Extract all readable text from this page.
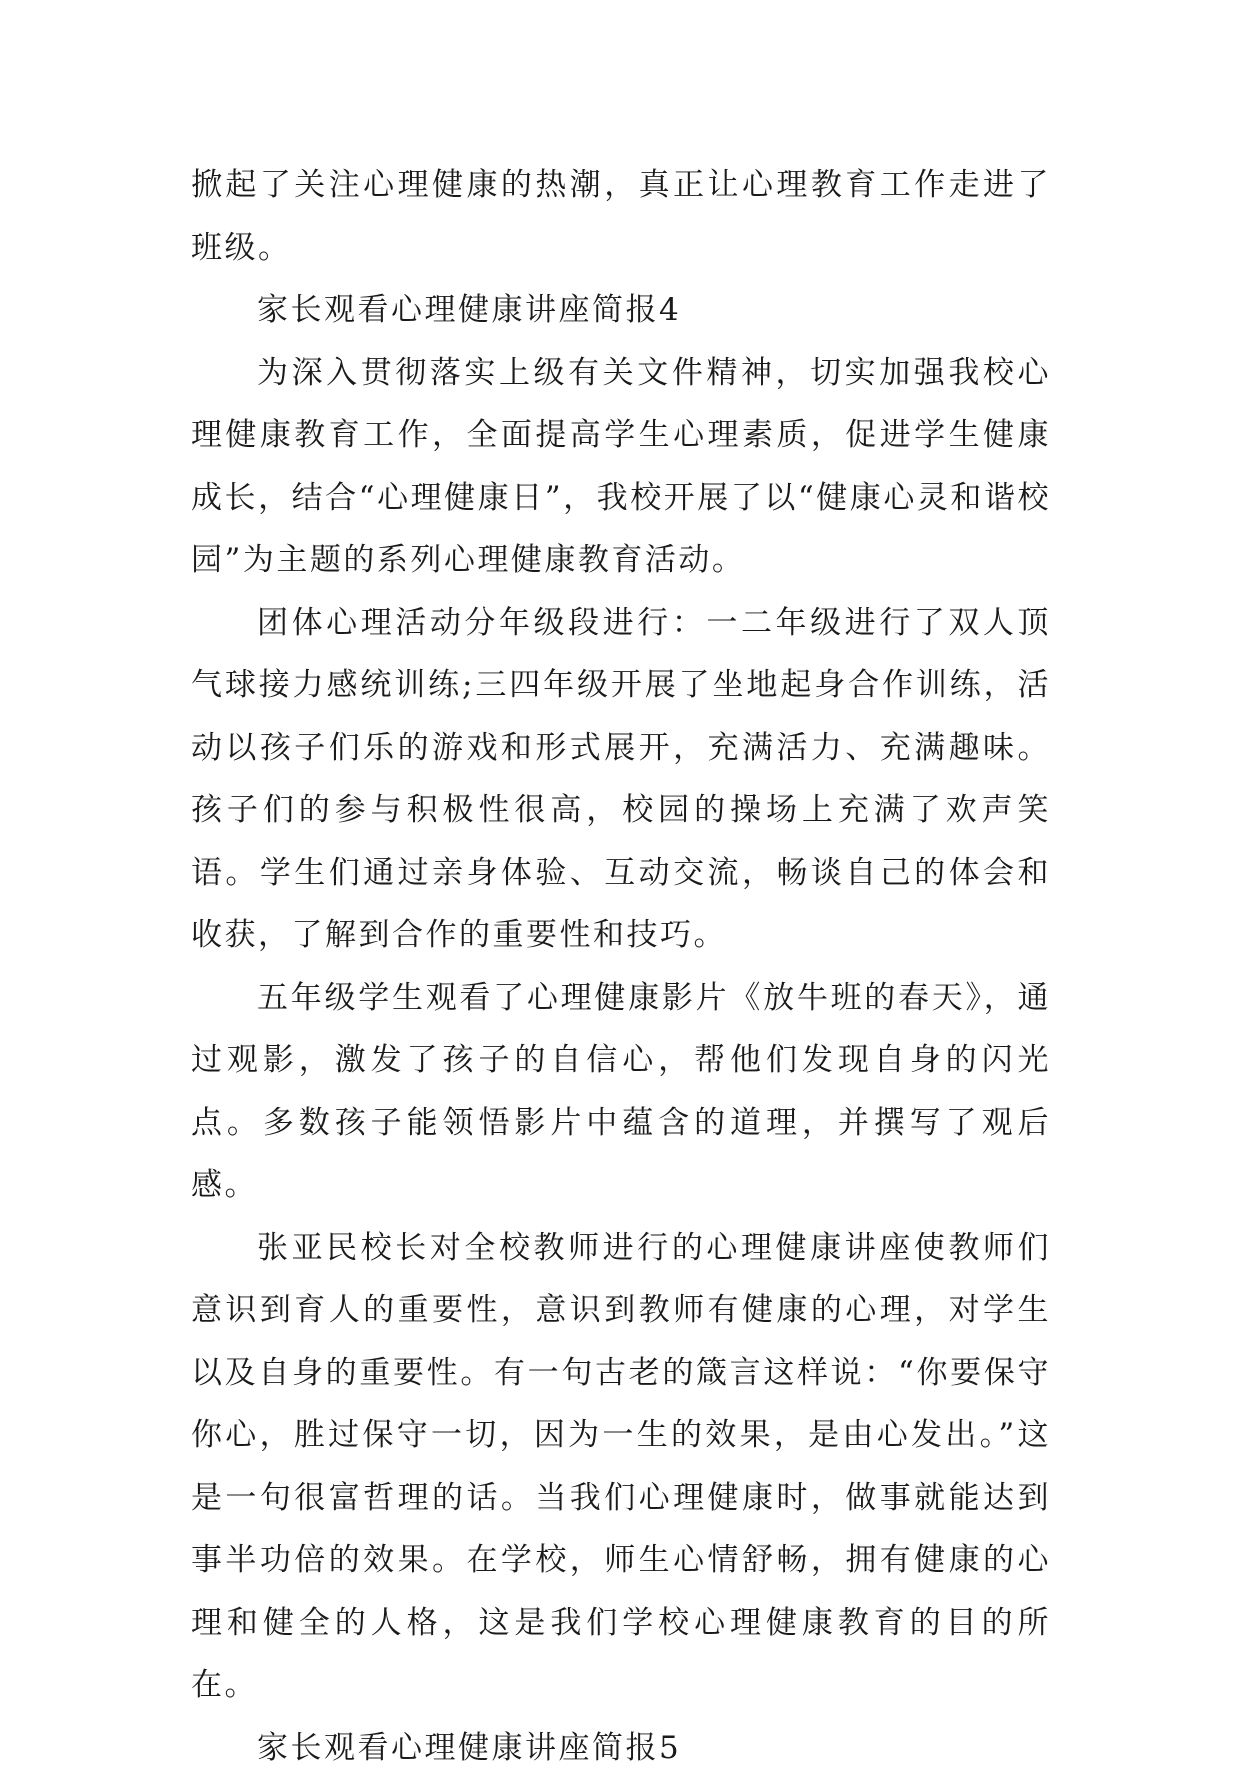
掀起了关注心理健康的热潮，真正让心理教育工作走进了班级。

家长观看心理健康讲座简报4

为深入贯彻落实上级有关文件精神，切实加强我校心理健康教育工作，全面提高学生心理素质，促进学生健康成长，结合“心理健康日”，我校开展了以“健康心灵和谐校园”为主题的系列心理健康教育活动。

团体心理活动分年级段进行：一二年级进行了双人顶气球接力感统训练;三四年级开展了坐地起身合作训练，活动以孩子们乐的游戏和形式展开，充满活力、充满趣味。孩子们的参与积极性很高，校园的操场上充满了欢声笑语。学生们通过亲身体验、互动交流，畅谈自己的体会和收获，了解到合作的重要性和技巧。

五年级学生观看了心理健康影片《放牛班的春天》，通过观影，激发了孩子的自信心，帮他们发现自身的闪光点。多数孩子能领悟影片中蕴含的道理，并撰写了观后感。

张亚民校长对全校教师进行的心理健康讲座使教师们意识到育人的重要性，意识到教师有健康的心理，对学生以及自身的重要性。有一句古老的箴言这样说：“你要保守你心，胜过保守一切，因为一生的效果，是由心发出。”这是一句很富哲理的话。当我们心理健康时，做事就能达到事半功倍的效果。在学校，师生心情舒畅，拥有健康的心理和健全的人格，这是我们学校心理健康教育的目的所在。

家长观看心理健康讲座简报5
